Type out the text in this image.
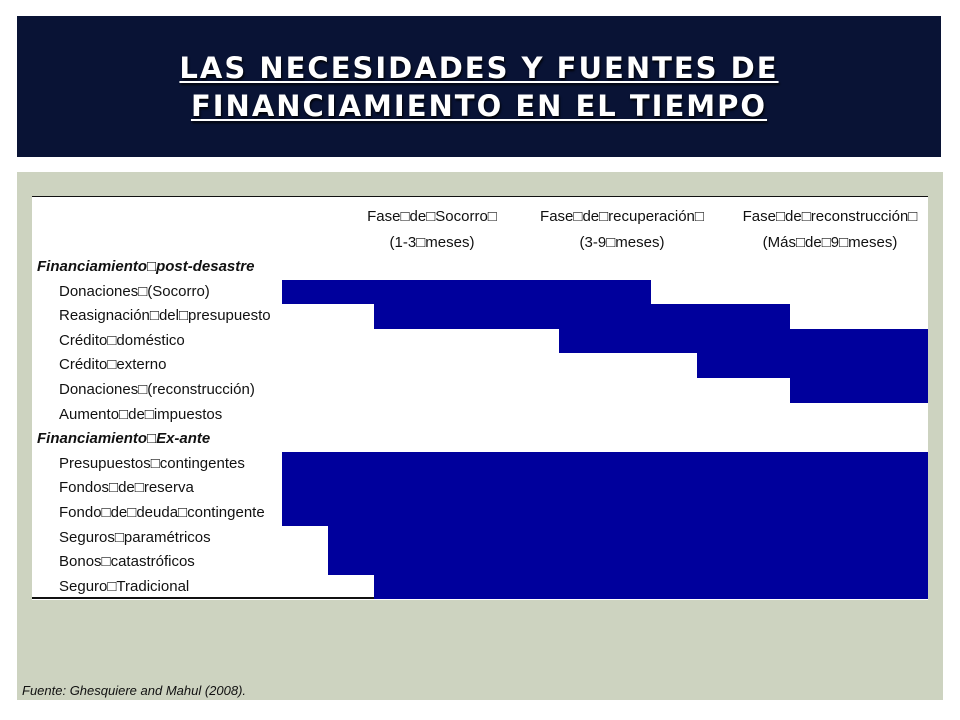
LAS NECESIDADES Y FUENTES DE
FINANCIAMIENTO EN EL TIEMPO
Fase□de□Socorro□
(1-3□meses)
Fase□de□recuperación□
(3-9□meses)
Fase□de□reconstrucción□
(Más□de□9□meses)
Financiamiento□post-desastre
Donaciones□(Socorro)
Reasignación□del□presupuesto
Crédito□doméstico
Crédito□externo
Donaciones□(reconstrucción)
Aumento□de□impuestos
Financiamiento□Ex-ante
Presupuestos□contingentes
Fondos□de□reserva
Fondo□de□deuda□contingente
Seguros□paramétricos
Bonos□catastróficos
Seguro□Tradicional
Fuente: Ghesquiere and Mahul (2008).
